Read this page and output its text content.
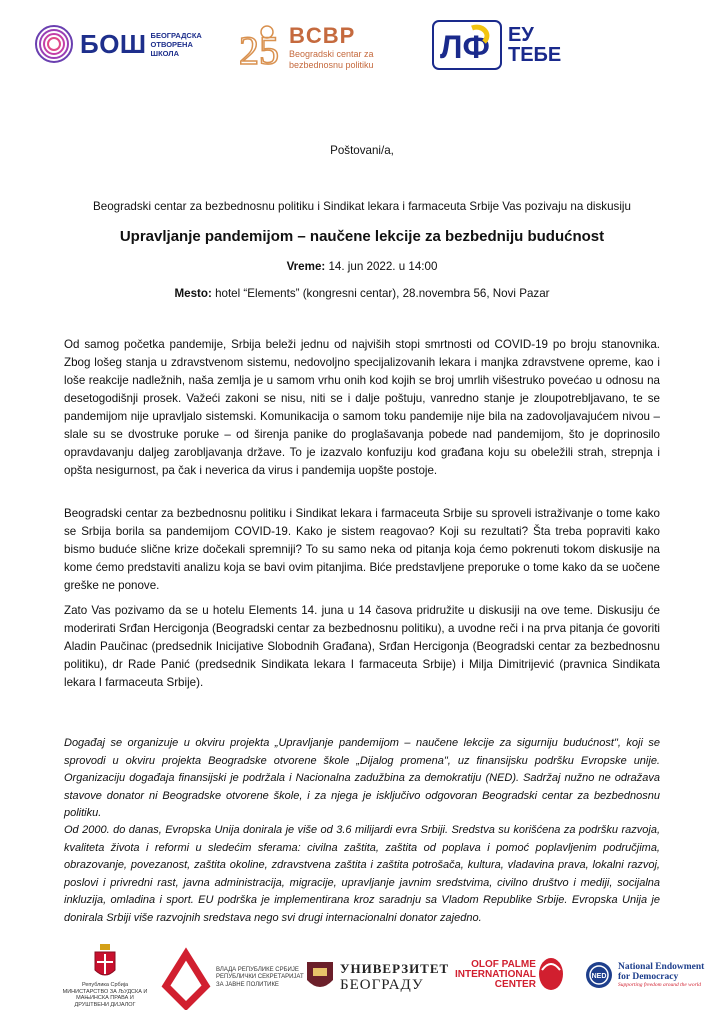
БОШ БЕОГРАДСКА ОТВОРЕНА ШКОЛА	25 BCBP
Beogradski centar za bezbednosnu politiku	ЛФ ЕУ
ТЕБЕ
Poštovani/a,
Beogradski centar za bezbednosnu politiku i Sindikat lekara i farmaceuta Srbije Vas pozivaju na diskusiju
Upravljanje pandemijom – naučene lekcije za bezbedniju budućnost
Vreme: 14. jun 2022. u 14:00
Mesto: hotel “Elements” (kongresni centar), 28.novembra 56, Novi Pazar
Od samog početka pandemije, Srbija beleži jednu od najviših stopi smrtnosti od COVID-19 po broju stanovnika. Zbog lošeg stanja u zdravstvenom sistemu, nedovoljno specijalizovanih lekara i manjka zdravstvene opreme, kao i loše reakcije nadležnih, naša zemlja je u samom vrhu onih kod kojih se broj umrlih višestruko povećao u odnosu na desetogodišnji prosek. Važeći zakoni se nisu, niti se i dalje poštuju, vanredno stanje je zloupotrebljavano, te se pandemijom nije upravljalo sistemski. Komunikacija o samom toku pandemije nije bila na zadovoljavajućem nivou – slale su se dvostruke poruke – od širenja panike do proglašavanja pobede nad pandemijom, što je doprinosilo opravdavanju daljeg zarobljavanja države. To je izazvalo konfuziju kod građana koju su obeležili strah, strepnja i opšta nesigurnost, pa čak i neverica da virus i pandemija uopšte postoje.
Beogradski centar za bezbednosnu politiku i Sindikat lekara i farmaceuta Srbije su sproveli istraživanje o tome kako se Srbija borila sa pandemijom COVID-19. Kako je sistem reagovao? Koji su rezultati? Šta treba popraviti kako bismo buduće slične krize dočekali spremniji? To su samo neka od pitanja koja ćemo pokrenuti tokom diskusije na kome ćemo predstaviti analizu koja se bavi ovim pitanjima. Biće predstavljene preporuke o tome kako da se uočene greške ne ponove.
Zato Vas pozivamo da se u hotelu Elements 14. juna u 14 časova pridružite u diskusiji na ove teme. Diskusiju će moderirati Srđan Hercigonja (Beogradski centar za bezbednosnu politiku), a uvodne reči i na prva pitanja će govoriti Aladin Paučinac (predsednik Inicijative Slobodnih Građana), Srđan Hercigonja (Beogradski centar za bezbednosnu politiku), dr Rade Panić (predsednik Sindikata lekara I farmaceuta Srbije) i Milja Dimitrijević (pravnica Sindikata lekara I farmaceuta Srbije).
Događaj se organizuje u okviru projekta „Upravljanje pandemijom – naučene lekcije za sigurniju budućnost", koji se sprovodi u okviru projekta Beogradske otvorene škole „Dijalog promena", uz finansijsku podršku Evropske unije. Organizaciju događaja finansijski je podržala i Nacionalna zadužbina za demokratiju (NED). Sadržaj nužno ne odražava stavove donator ni Beogradske otvorene škole, i za njega je isključivo odgovoran Beogradski centar za bezbednosnu politiku.
Od 2000. do danas, Evropska Unija donirala je više od 3.6 milijardi evra Srbiji. Sredstva su korišćena za podršku razvoja, kvaliteta života i reformi u sledećim sferama: civilna zaštita, zaštita od poplava i pomoć poplavljenim područjima, obrazovanje, povezanost, zaštita okoline, zdravstvena zaštita i zaštita potrošača, kultura, vladavina prava, lokalni razvoj, poslovi i privredni rast, javna administracija, migracije, upravljanje javnim sredstvima, civilno društvo i mediji, socijalna inkluzija, omladina i sport. EU podrška je implementirana kroz saradnju sa Vladom Republike Srbije. Evropska Unija je donirala Srbiji više razvojnih sredstava nego svi drugi internacionalni donator zajedno.
Република Србија
МИНИСТАРСТВО ЗА ЉУДСКА И МАЊИНСКА ПРАВА И ДРУШТВЕНИ ДИЈАЛОГ
ВЛАДА РЕПУБЛИКЕ СРБИЈЕ РЕПУБЛИЧКИ СЕКРЕТАРИЈАТ ЗА ЈАВНЕ ПОЛИТИКЕ
УНИВЕРЗИТЕТ
БЕОГРАДУ
OLOF PALME
INTERNATIONAL
CENTER
NED
National Endowment
for Democracy
Supporting freedom around the world
